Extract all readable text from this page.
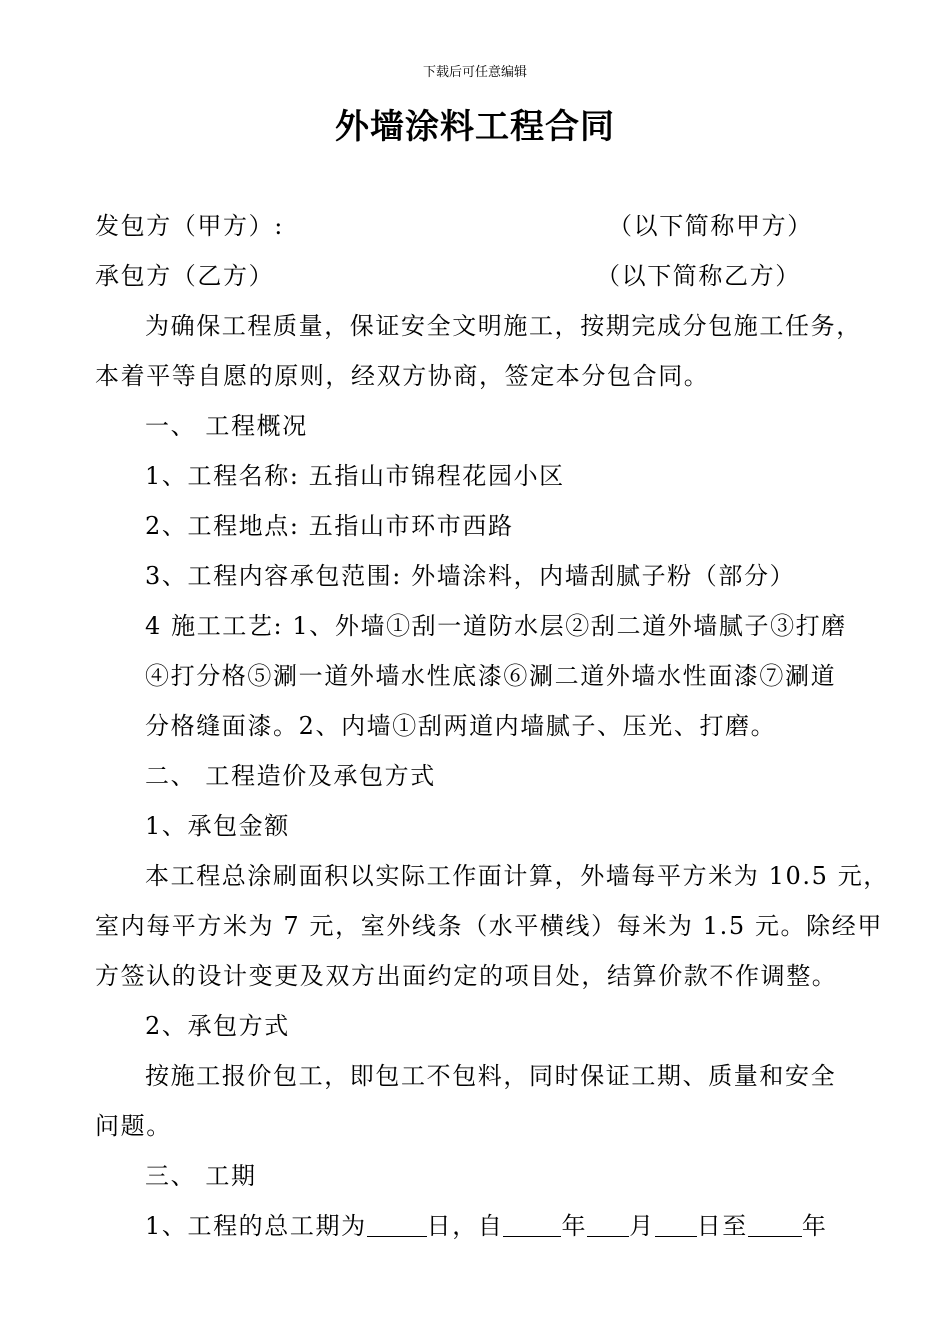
下载后可任意编辑
外墙涂料工程合同
发包方（甲方）:	（以下简称甲方）
承包方（乙方）	（以下简称乙方）
为确保工程质量，保证安全文明施工，按期完成分包施工任务，
本着平等自愿的原则，经双方协商，签定本分包合同。
一、 工程概况
1、工程名称: 五指山市锦程花园小区
2、工程地点: 五指山市环市西路
3、工程内容承包范围: 外墙涂料，内墙刮腻子粉（部分）
4 施工工艺: 1、外墙①刮一道防水层②刮二道外墙腻子③打磨
④打分格⑤涮一道外墙水性底漆⑥涮二道外墙水性面漆⑦涮道
分格缝面漆。2、内墙①刮两道内墙腻子、压光、打磨。
二、 工程造价及承包方式
1、承包金额
本工程总涂刷面积以实际工作面计算，外墙每平方米为 10.5 元，
室内每平方米为 7 元，室外线条（水平横线）每米为 1.5 元。除经甲
方签认的设计变更及双方出面约定的项目处，结算价款不作调整。
2、承包方式
按施工报价包工，即包工不包料，同时保证工期、质量和安全
问题。
三、 工期
1、工程的总工期为	日，自 年 月 日至 年
